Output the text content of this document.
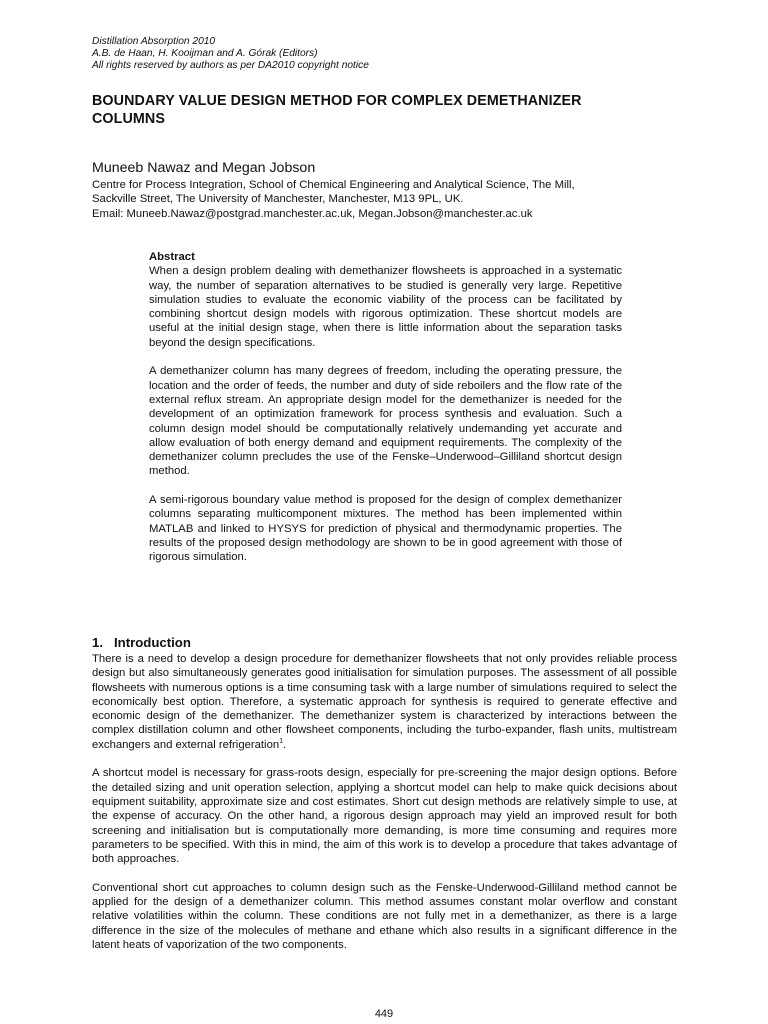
Distillation Absorption 2010
A.B. de Haan, H. Kooijman and A. Górak (Editors)
All rights reserved by authors as per DA2010 copyright notice
BOUNDARY VALUE DESIGN METHOD FOR COMPLEX DEMETHANIZER COLUMNS
Muneeb Nawaz and Megan Jobson
Centre for Process Integration, School of Chemical Engineering and Analytical Science, The Mill,
Sackville Street, The University of Manchester, Manchester, M13 9PL, UK.
Email: Muneeb.Nawaz@postgrad.manchester.ac.uk, Megan.Jobson@manchester.ac.uk
Abstract

When a design problem dealing with demethanizer flowsheets is approached in a systematic way, the number of separation alternatives to be studied is generally very large. Repetitive simulation studies to evaluate the economic viability of the process can be facilitated by combining shortcut design models with rigorous optimization. These shortcut models are useful at the initial design stage, when there is little information about the separation tasks beyond the design specifications.

A demethanizer column has many degrees of freedom, including the operating pressure, the location and the order of feeds, the number and duty of side reboilers and the flow rate of the external reflux stream. An appropriate design model for the demethanizer is needed for the development of an optimization framework for process synthesis and evaluation. Such a column design model should be computationally relatively undemanding yet accurate and allow evaluation of both energy demand and equipment requirements. The complexity of the demethanizer column precludes the use of the Fenske–Underwood–Gilliland shortcut design method.

A semi-rigorous boundary value method is proposed for the design of complex demethanizer columns separating multicomponent mixtures. The method has been implemented within MATLAB and linked to HYSYS for prediction of physical and thermodynamic properties. The results of the proposed design methodology are shown to be in good agreement with those of rigorous simulation.

1. Introduction

There is a need to develop a design procedure for demethanizer flowsheets that not only provides reliable process design but also simultaneously generates good initialisation for simulation purposes. The assessment of all possible flowsheets with numerous options is a time consuming task with a large number of simulations required to select the economically best option. Therefore, a systematic approach for synthesis is required to generate effective and economic design of the demethanizer. The demethanizer system is characterized by interactions between the complex distillation column and other flowsheet components, including the turbo-expander, flash units, multistream exchangers and external refrigeration$^1$.

A shortcut model is necessary for grass-roots design, especially for pre-screening the major design options. Before the detailed sizing and unit operation selection, applying a shortcut model can help to make quick decisions about equipment suitability, approximate size and cost estimates. Short cut design methods are relatively simple to use, at the expense of accuracy. On the other hand, a rigorous design approach may yield an improved result for both screening and initialisation but is computationally more demanding, is more time consuming and requires more parameters to be specified. With this in mind, the aim of this work is to develop a procedure that takes advantage of both approaches.

Conventional short cut approaches to column design such as the Fenske-Underwood-Gilliland method cannot be applied for the design of a demethanizer column. This method assumes constant molar overflow and constant relative volatilities within the column. These conditions are not fully met in a demethanizer, as there is a large difference in the size of the molecules of methane and ethane which also results in a significant difference in the latent heats of vaporization of the two components.

449
